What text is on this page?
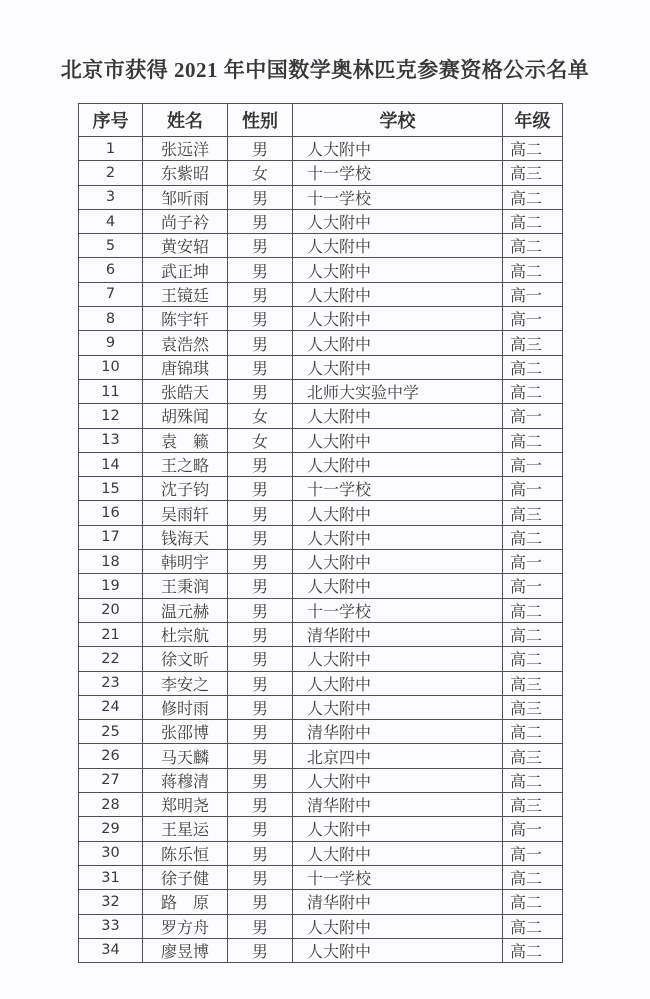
北京市获得 2021 年中国数学奥林匹克参赛资格公示名单
序号	姓名	性别	学校	年级
1	张远洋	男	人大附中	高二
2	东紫昭	女	十一学校	高三
3	邹听雨	男	十一学校	高二
4	尚子衿	男	人大附中	高二
5	黄安轺	男	人大附中	高二
6	武正坤	男	人大附中	高二
7	王镜廷	男	人大附中	高一
8	陈宇轩	男	人大附中	高一
9	袁浩然	男	人大附中	高三
10	唐锦琪	男	人大附中	高二
11	张皓天	男	北师大实验中学	高二
12	胡殊闻	女	人大附中	高一
13	袁　籁	女	人大附中	高二
14	王之略	男	人大附中	高一
15	沈子钧	男	十一学校	高一
16	吴雨轩	男	人大附中	高三
17	钱海天	男	人大附中	高二
18	韩明宇	男	人大附中	高一
19	王秉润	男	人大附中	高一
20	温元赫	男	十一学校	高二
21	杜宗航	男	清华附中	高二
22	徐文昕	男	人大附中	高二
23	李安之	男	人大附中	高三
24	修时雨	男	人大附中	高三
25	张邵博	男	清华附中	高二
26	马天麟	男	北京四中	高三
27	蒋穆清	男	人大附中	高二
28	郑明尧	男	清华附中	高三
29	王星运	男	人大附中	高一
30	陈乐恒	男	人大附中	高一
31	徐子健	男	十一学校	高二
32	路　原	男	清华附中	高二
33	罗方舟	男	人大附中	高二
34	廖昱博	男	人大附中	高二
